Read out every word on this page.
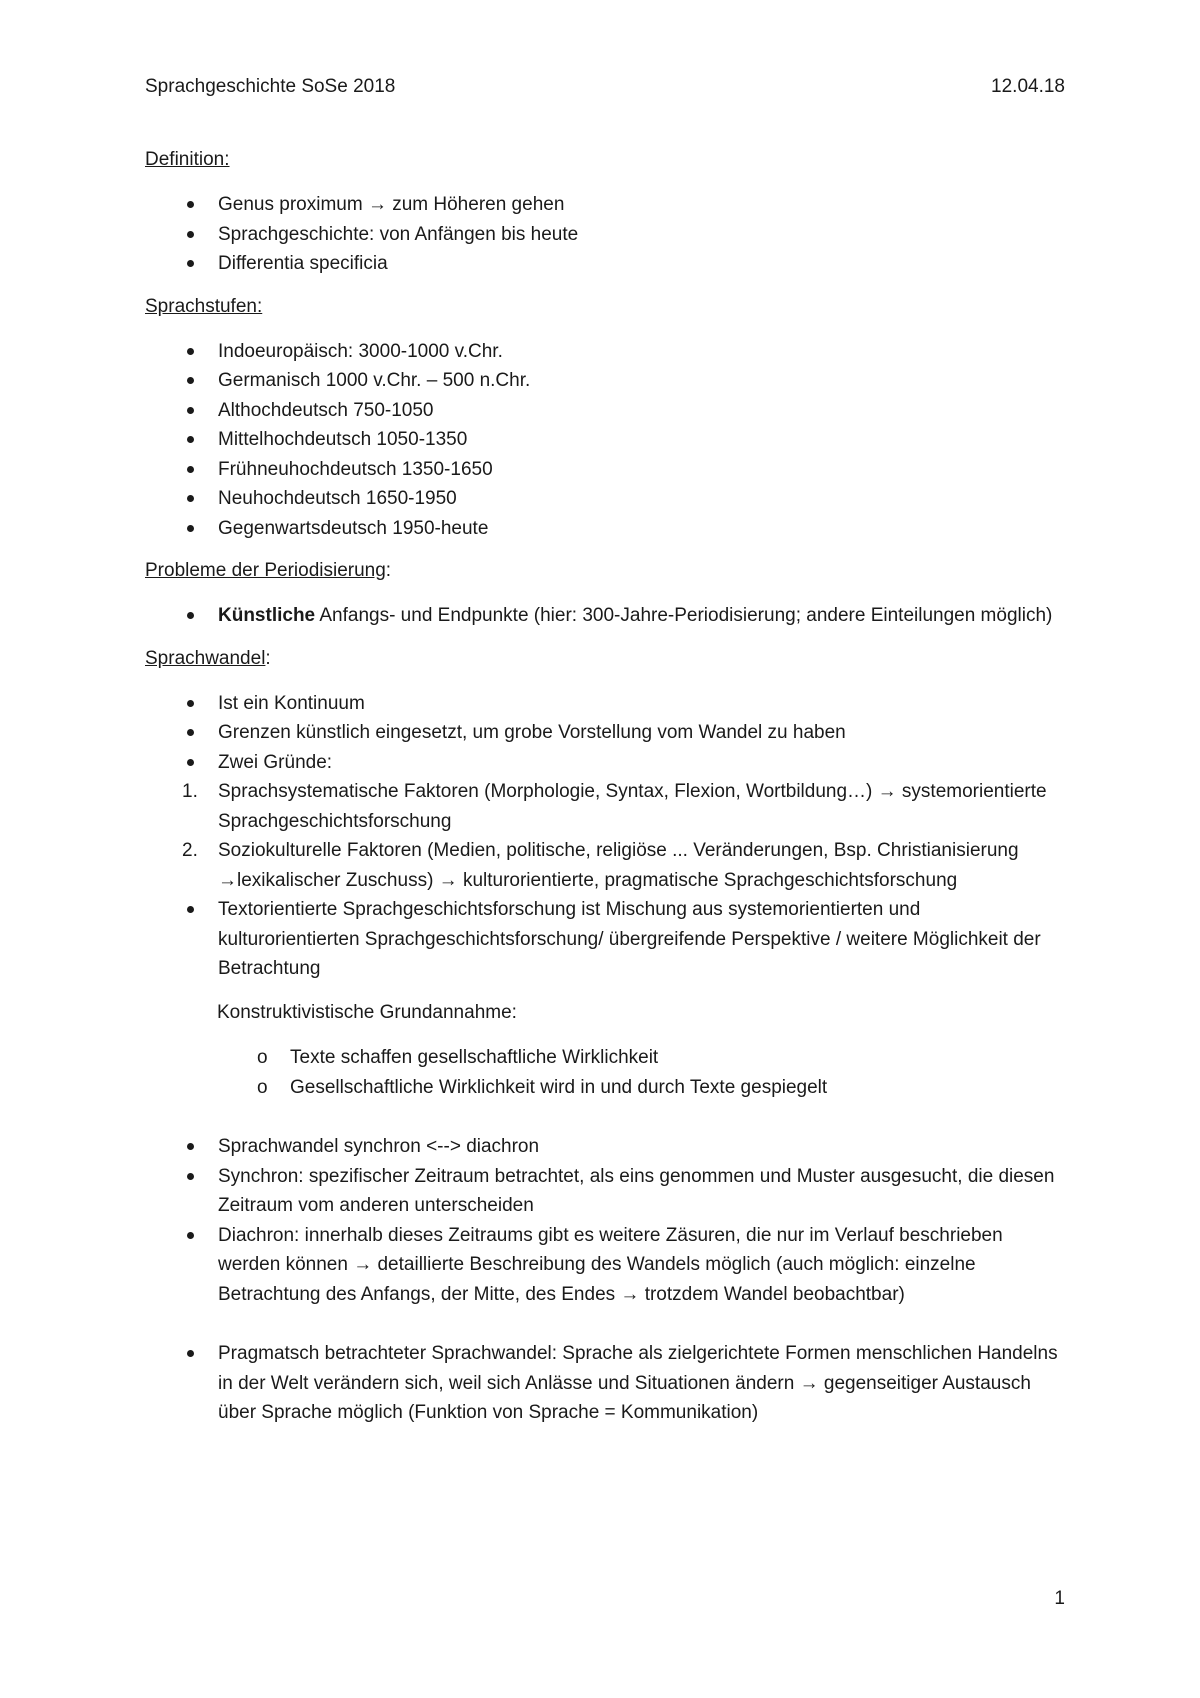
Sprachgeschichte SoSe 2018	12.04.18

Definition:

Genus proximum → zum Höheren gehen
Sprachgeschichte: von Anfängen bis heute
Differentia specificia

Sprachstufen:

Indoeuropäisch: 3000-1000 v.Chr.
Germanisch 1000 v.Chr. – 500 n.Chr.
Althochdeutsch 750-1050
Mittelhochdeutsch 1050-1350
Frühneuhochdeutsch 1350-1650
Neuhochdeutsch 1650-1950
Gegenwartsdeutsch 1950-heute

Probleme der Periodisierung:

Künstliche Anfangs- und Endpunkte (hier: 300-Jahre-Periodisierung; andere Einteilungen möglich)

Sprachwandel:

Ist ein Kontinuum
Grenzen künstlich eingesetzt, um grobe Vorstellung vom Wandel zu haben
Zwei Gründe:
1. Sprachsystematische Faktoren (Morphologie, Syntax, Flexion, Wortbildung…) → systemorientierte Sprachgeschichtsforschung
2. Soziokulturelle Faktoren (Medien, politische, religiöse ... Veränderungen, Bsp. Christianisierung →lexikalischer Zuschuss) → kulturorientierte, pragmatische Sprachgeschichtsforschung
Textorientierte Sprachgeschichtsforschung ist Mischung aus systemorientierten und kulturorientierten Sprachgeschichtsforschung/ übergreifende Perspektive / weitere Möglichkeit der Betrachtung

Konstruktivistische Grundannahme:

o Texte schaffen gesellschaftliche Wirklichkeit
o Gesellschaftliche Wirklichkeit wird in und durch Texte gespiegelt
Sprachwandel synchron <--> diachron
Synchron: spezifischer Zeitraum betrachtet, als eins genommen und Muster ausgesucht, die diesen Zeitraum vom anderen unterscheiden
Diachron: innerhalb dieses Zeitraums gibt es weitere Zäsuren, die nur im Verlauf beschrieben werden können → detaillierte Beschreibung des Wandels möglich (auch möglich: einzelne Betrachtung des Anfangs, der Mitte, des Endes → trotzdem Wandel beobachtbar)
Pragmatsch betrachteter Sprachwandel: Sprache als zielgerichtete Formen menschlichen Handelns in der Welt verändern sich, weil sich Anlässe und Situationen ändern → gegenseitiger Austausch über Sprache möglich (Funktion von Sprache = Kommunikation)
1
